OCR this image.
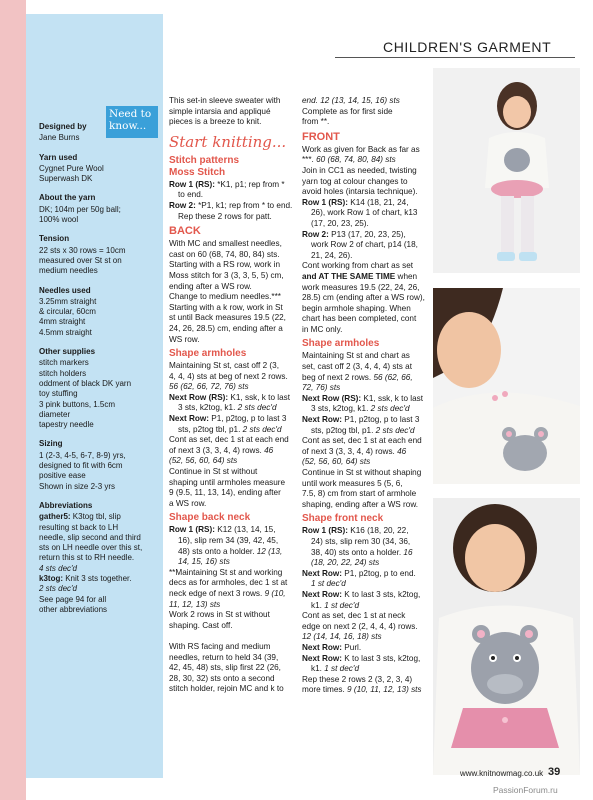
Need to
know...
CHILDREN'S GARMENT
Designed by
Jane Burns
Yarn used
Cygnet Pure Wool
Superwash DK
About the yarn
DK; 104m per 50g ball;
100% wool
Tension
22 sts x 30 rows = 10cm
measured over St st on
medium needles
Needles used
3.25mm straight
& circular, 60cm
4mm straight
4.5mm straight
Other supplies
stitch markers
stitch holders
oddment of black DK yarn
toy stuffing
3 pink buttons, 1.5cm
diameter
tapestry needle
Sizing
1 (2-3, 4-5, 6-7, 8-9) yrs,
designed to fit with 6cm
positive ease
Shown in size 2-3 yrs
Abbreviations
gather5: K3tog tbl, slip
resulting st back to LH
needle, slip second and third
sts on LH needle over this st,
return this st to RH needle.
4 sts dec'd
k3tog: Knit 3 sts together.
2 sts dec'd
See page 94 for all
other abbreviations
This set-in sleeve sweater with
simple intarsia and appliqué
pieces is a breeze to knit.
Start knitting...
Stitch patterns
Moss Stitch
Row 1 (RS): *K1, p1; rep from *
to end.
Row 2: *P1, k1; rep from * to end.
Rep these 2 rows for patt.
BACK
With MC and smallest needles,
cast on 60 (68, 74, 80, 84) sts.
Starting with a RS row, work in
Moss stitch for 3 (3, 3, 5, 5) cm,
ending after a WS row.
Change to medium needles.***
Starting with a k row, work in St
st until Back measures 19.5 (22,
24, 26, 28.5) cm, ending after a
WS row.
Shape armholes
Maintaining St st, cast off 2 (3,
4, 4, 4) sts at beg of next 2 rows.
56 (62, 66, 72, 76) sts
Next Row (RS): K1, ssk, k to last
3 sts, k2tog, k1. 2 sts dec'd
Next Row: P1, p2tog, p to last 3
sts, p2tog tbl, p1. 2 sts dec'd
Cont as set, dec 1 st at each end
of next 3 (3, 3, 4, 4) rows. 46
(52, 56, 60, 64) sts
Continue in St st without
shaping until armholes measure
9 (9.5, 11, 13, 14), ending after
a WS row.
Shape back neck
Row 1 (RS): K12 (13, 14, 15,
16), slip rem 34 (39, 42, 45,
48) sts onto a holder. 12 (13,
14, 15, 16) sts
**Maintaining St st and working
decs as for armholes, dec 1 st at
neck edge of next 3 rows. 9 (10,
11, 12, 13) sts
Work 2 rows in St st without
shaping. Cast off.
With RS facing and medium
needles, return to held 34 (39,
42, 45, 48) sts, slip first 22 (26,
28, 30, 32) sts onto a second
stitch holder, rejoin MC and k to
end. 12 (13, 14, 15, 16) sts
Complete as for first side
from **.
FRONT
Work as given for Back as far as
***. 60 (68, 74, 80, 84) sts
Join in CC1 as needed, twisting
yarn tog at colour changes to
avoid holes (intarsia technique).
Row 1 (RS): K14 (18, 21, 24,
26), work Row 1 of chart, k13
(17, 20, 23, 25).
Row 2: P13 (17, 20, 23, 25),
work Row 2 of chart, p14 (18,
21, 24, 26).
Cont working from chart as set
and AT THE SAME TIME when
work measures 19.5 (22, 24, 26,
28.5) cm (ending after a WS row),
begin armhole shaping. When
chart has been completed, cont
in MC only.
Shape armholes
Maintaining St st and chart as
set, cast off 2 (3, 4, 4, 4) sts at
beg of next 2 rows. 56 (62, 66,
72, 76) sts
Next Row (RS): K1, ssk, k to last
3 sts, k2tog, k1. 2 sts dec'd
Next Row: P1, p2tog, p to last 3
sts, p2tog tbl, p1. 2 sts dec'd
Cont as set, dec 1 st at each end
of next 3 (3, 3, 4, 4) rows. 46
(52, 56, 60, 64) sts
Continue in St st without shaping
until work measures 5 (5, 6,
7.5, 8) cm from start of armhole
shaping, ending after a WS row.
Shape front neck
Row 1 (RS): K16 (18, 20, 22,
24) sts, slip rem 30 (34, 36,
38, 40) sts onto a holder. 16
(18, 20, 22, 24) sts
Next Row: P1, p2tog, p to end.
1 st dec'd
Next Row: K to last 3 sts, k2tog,
k1. 1 st dec'd
Cont as set, dec 1 st at neck
edge on next 2 (2, 4, 4, 4) rows.
12 (14, 14, 16, 18) sts
Next Row: Purl.
Next Row: K to last 3 sts, k2tog,
k1. 1 st dec'd
Rep these 2 rows 2 (3, 2, 3, 4)
more times. 9 (10, 11, 12, 13) sts
www.knitnowmag.co.uk 39
PassionForum.ru
